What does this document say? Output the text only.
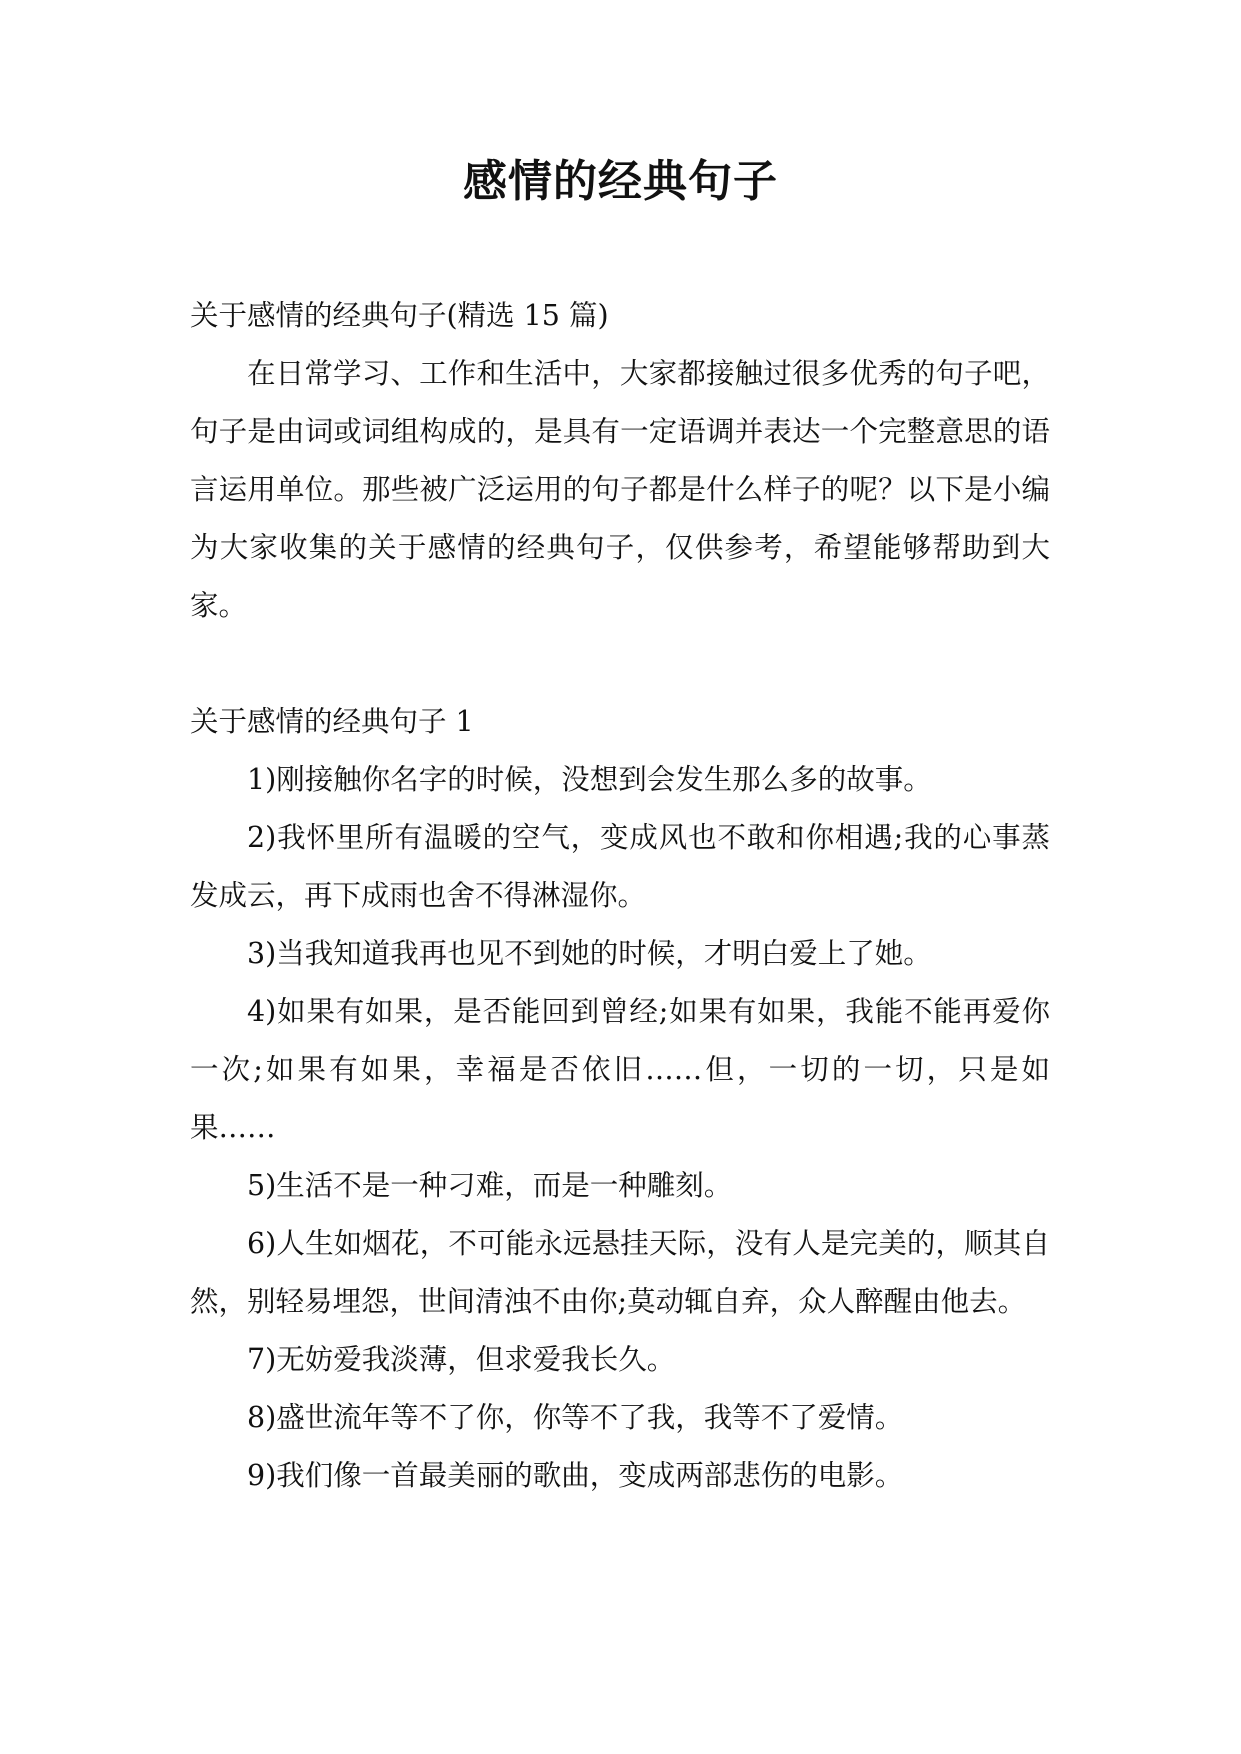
感情的经典句子

关于感情的经典句子(精选 15 篇)

在日常学习、工作和生活中，大家都接触过很多优秀的句子吧，句子是由词或词组构成的，是具有一定语调并表达一个完整意思的语言运用单位。那些被广泛运用的句子都是什么样子的呢？以下是小编为大家收集的关于感情的经典句子，仅供参考，希望能够帮助到大家。

关于感情的经典句子 1

1)刚接触你名字的时候，没想到会发生那么多的故事。

2)我怀里所有温暖的空气，变成风也不敢和你相遇;我的心事蒸发成云，再下成雨也舍不得淋湿你。

3)当我知道我再也见不到她的时候，才明白爱上了她。

4)如果有如果，是否能回到曾经;如果有如果，我能不能再爱你一次;如果有如果，幸福是否依旧……但，一切的一切，只是如果……

5)生活不是一种刁难，而是一种雕刻。

6)人生如烟花，不可能永远悬挂天际，没有人是完美的，顺其自然，别轻易埋怨，世间清浊不由你;莫动辄自弃，众人醉醒由他去。

7)无妨爱我淡薄，但求爱我长久。

8)盛世流年等不了你，你等不了我，我等不了爱情。

9)我们像一首最美丽的歌曲，变成两部悲伤的电影。
